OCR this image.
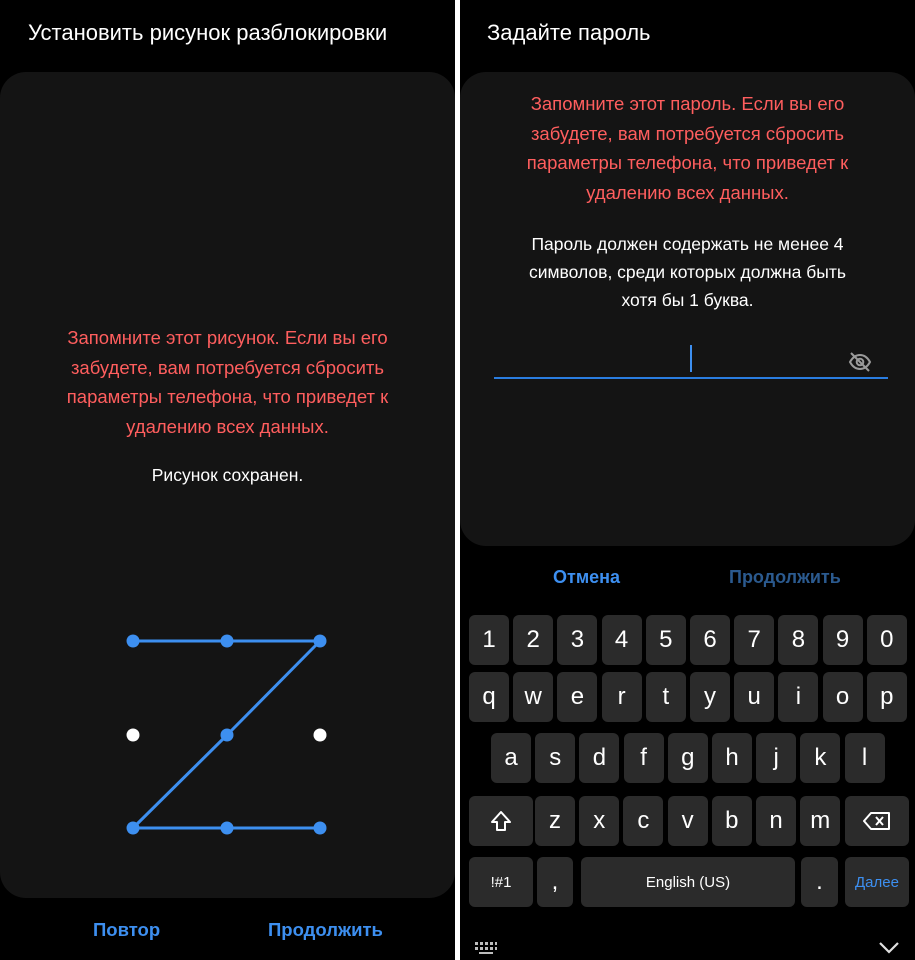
Установить рисунок разблокировки
Запомните этот рисунок. Если вы его
забудете, вам потребуется сбросить
параметры телефона, что приведет к
удалению всех данных.
Рисунок сохранен.
Повтор	Продолжить
Задайте пароль
Запомните этот пароль. Если вы его
забудете, вам потребуется сбросить
параметры телефона, что приведет к
удалению всех данных.
Пароль должен содержать не менее 4
символов, среди которых должна быть
хотя бы 1 буква.
Отмена	Продолжить
1	2	3	4	5	6	7	8	9	0
q	w	e	r	t	y	u	i	o	p
a	s	d	f	g	h	j	k	l
z	x	c	v	b	n	m
!#1	,	English (US)	.	Далее
